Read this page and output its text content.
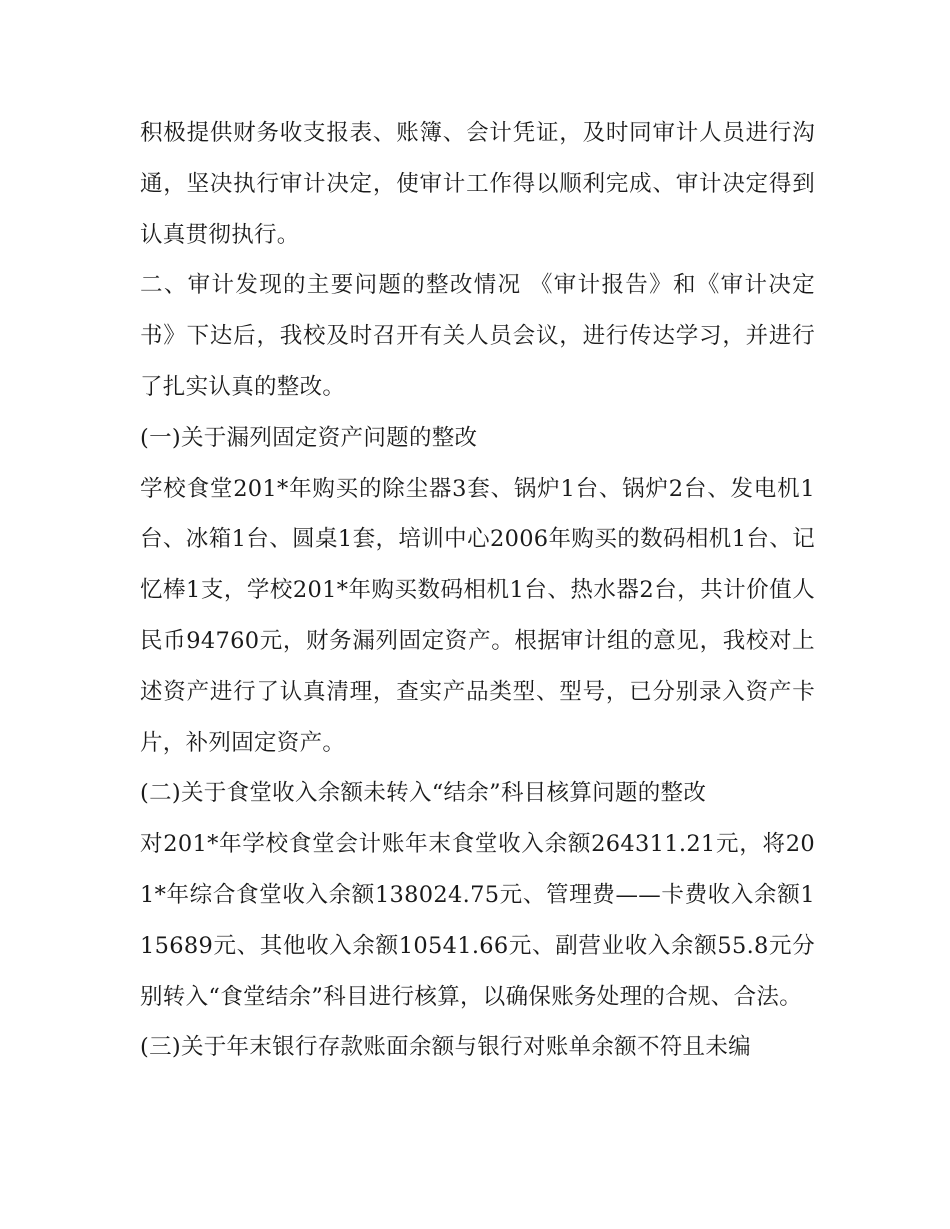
积极提供财务收支报表、账簿、会计凭证，及时同审计人员进行沟通，坚决执行审计决定，使审计工作得以顺利完成、审计决定得到认真贯彻执行。

二、审计发现的主要问题的整改情况 《审计报告》和《审计决定书》下达后，我校及时召开有关人员会议，进行传达学习，并进行了扎实认真的整改。

(一)关于漏列固定资产问题的整改

学校食堂201*年购买的除尘器3套、锅炉1台、锅炉2台、发电机1台、冰箱1台、圆桌1套，培训中心2006年购买的数码相机1台、记忆棒1支，学校201*年购买数码相机1台、热水器2台，共计价值人民币94760元，财务漏列固定资产。根据审计组的意见，我校对上述资产进行了认真清理，查实产品类型、型号，已分别录入资产卡片，补列固定资产。

(二)关于食堂收入余额未转入“结余”科目核算问题的整改

对201*年学校食堂会计账年末食堂收入余额264311.21元，将201*年综合食堂收入余额138024.75元、管理费——卡费收入余额115689元、其他收入余额10541.66元、副营业收入余额55.8元分别转入“食堂结余”科目进行核算，以确保账务处理的合规、合法。

(三)关于年末银行存款账面余额与银行对账单余额不符且未编
